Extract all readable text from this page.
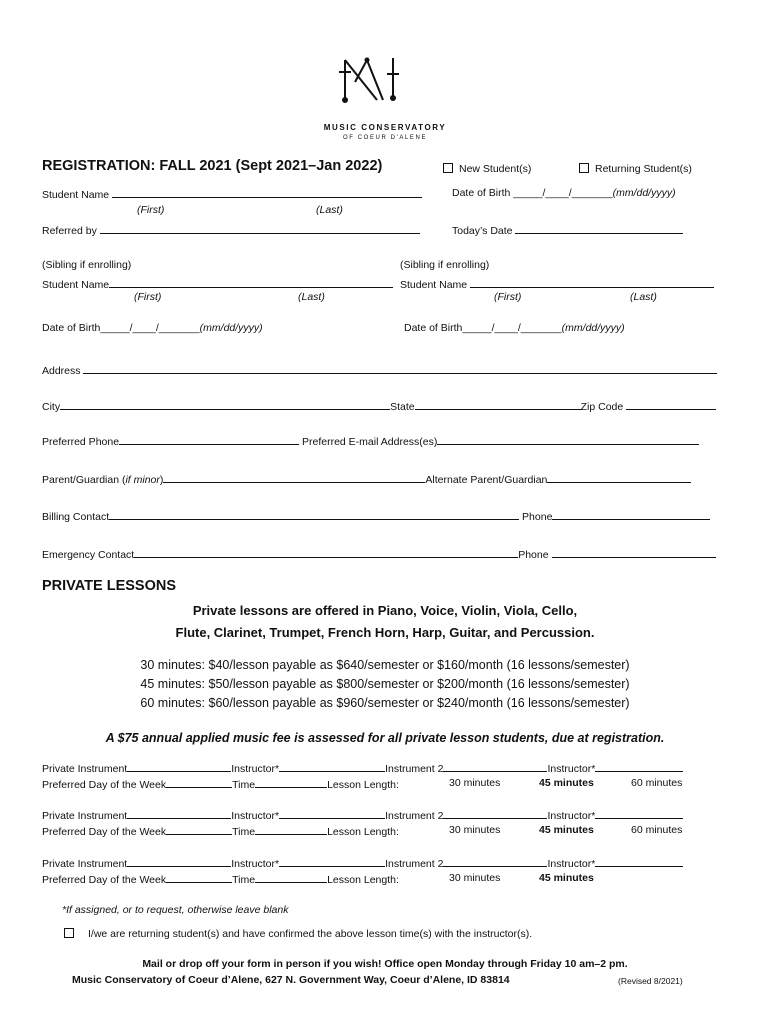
MUSIC CONSERVATORY
OF COEUR D'ALENE
REGISTRATION: FALL 2021 (Sept 2021–Jan 2022)	New Student(s)	Returning Student(s)
Student Name
(First)	(Last)
Date of Birth _____/____/_______(mm/dd/yyyy)
Referred by	Today’s Date
(Sibling if enrolling)
Student Name
(First)	(Last)
(Sibling if enrolling)
Student Name
(First)	(Last)
Date of Birth_____/____/_______(mm/dd/yyyy)	Date of Birth_____/____/_______(mm/dd/yyyy)
Address
City	State	Zip Code
Preferred Phone	Preferred E-mail Address(es)
Parent/Guardian (if minor)	Alternate Parent/Guardian
Billing Contact	Phone
Emergency Contact	Phone
PRIVATE LESSONS
Private lessons are offered in Piano, Voice, Violin, Viola, Cello,
Flute, Clarinet, Trumpet, French Horn, Harp, Guitar, and Percussion.
30 minutes: $40/lesson payable as $640/semester or $160/month (16 lessons/semester)
45 minutes: $50/lesson payable as $800/semester or $200/month (16 lessons/semester)
60 minutes: $60/lesson payable as $960/semester or $240/month (16 lessons/semester)
A $75 annual applied music fee is assessed for all private lesson students, due at registration.
Private Instrument	Instructor*	Instrument 2	Instructor*
Preferred Day of the Week	Time	Lesson Length:	30 minutes	45 minutes	60 minutes
Private Instrument	Instructor*	Instrument 2	Instructor*
Preferred Day of the Week	Time	Lesson Length:	30 minutes	45 minutes	60 minutes
Private Instrument	Instructor*	Instrument 2	Instructor*
Preferred Day of the Week	Time	Lesson Length:	30 minutes	45 minutes
*If assigned, or to request, otherwise leave blank
I/we are returning student(s) and have confirmed the above lesson time(s) with the instructor(s).
Mail or drop off your form in person if you wish! Office open Monday through Friday 10 am–2 pm.
Music Conservatory of Coeur d’Alene, 627 N. Government Way, Coeur d’Alene, ID 83814	(Revised 8/2021)
